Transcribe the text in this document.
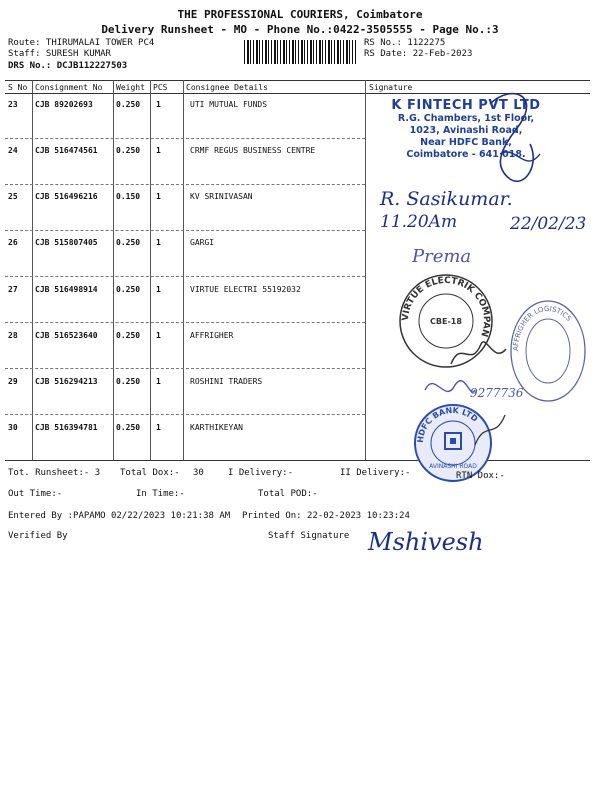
THE PROFESSIONAL COURIERS, Coimbatore
Delivery Runsheet - MO - Phone No.:0422-3505555 - Page No.:3
Route: THIRUMALAI TOWER PC4
Staff: SURESH KUMAR
DRS No.: DCJB112227503
RS No.: 1122275
RS Date: 22-Feb-2023
S No Consignment No Weight PCS Consignee Details	Signature
23 CJB 89202693	0.250 1	UTI MUTUAL FUNDS
24 CJB 516474561 0.250 1	CRMF REGUS BUSINESS CENTRE
25 CJB 516496216 0.150 1	KV SRINIVASAN
26 CJB 515807405 0.250 1	GARGI
27 CJB 516498914 0.250 1	VIRTUE ELECTRI 55192032
28 CJB 516523640 0.250 1	AFFRIGHER
29 CJB 516294213 0.250 1	ROSHINI TRADERS
30 CJB 516394781 0.250 1	KARTHIKEYAN
K FINTECH PVT LTD
R.G. Chambers, 1st Floor,
1023, Avinashi Road,
Near HDFC Bank,
Coimbatore - 641 018.
R. Sasikumar.
11.20Am	22/02/23
Prema
VIRTUE ELECTRIK COMPAN
CBE-18
AFFRIGHER LOGISTICS
9277736
HDFC BANK LTD
AVINASHI ROAD
Tot. Runsheet:- 3 Total Dox:- 30	I Delivery:-	II Delivery:-	RTN Dox:-
Out Time:-	In Time:-	Total POD:-
Entered By :PAPAMO 02/22/2023 10:21:38 AM Printed On: 22-02-2023 10:23:24
Verified By	Staff Signature Mshivesh
